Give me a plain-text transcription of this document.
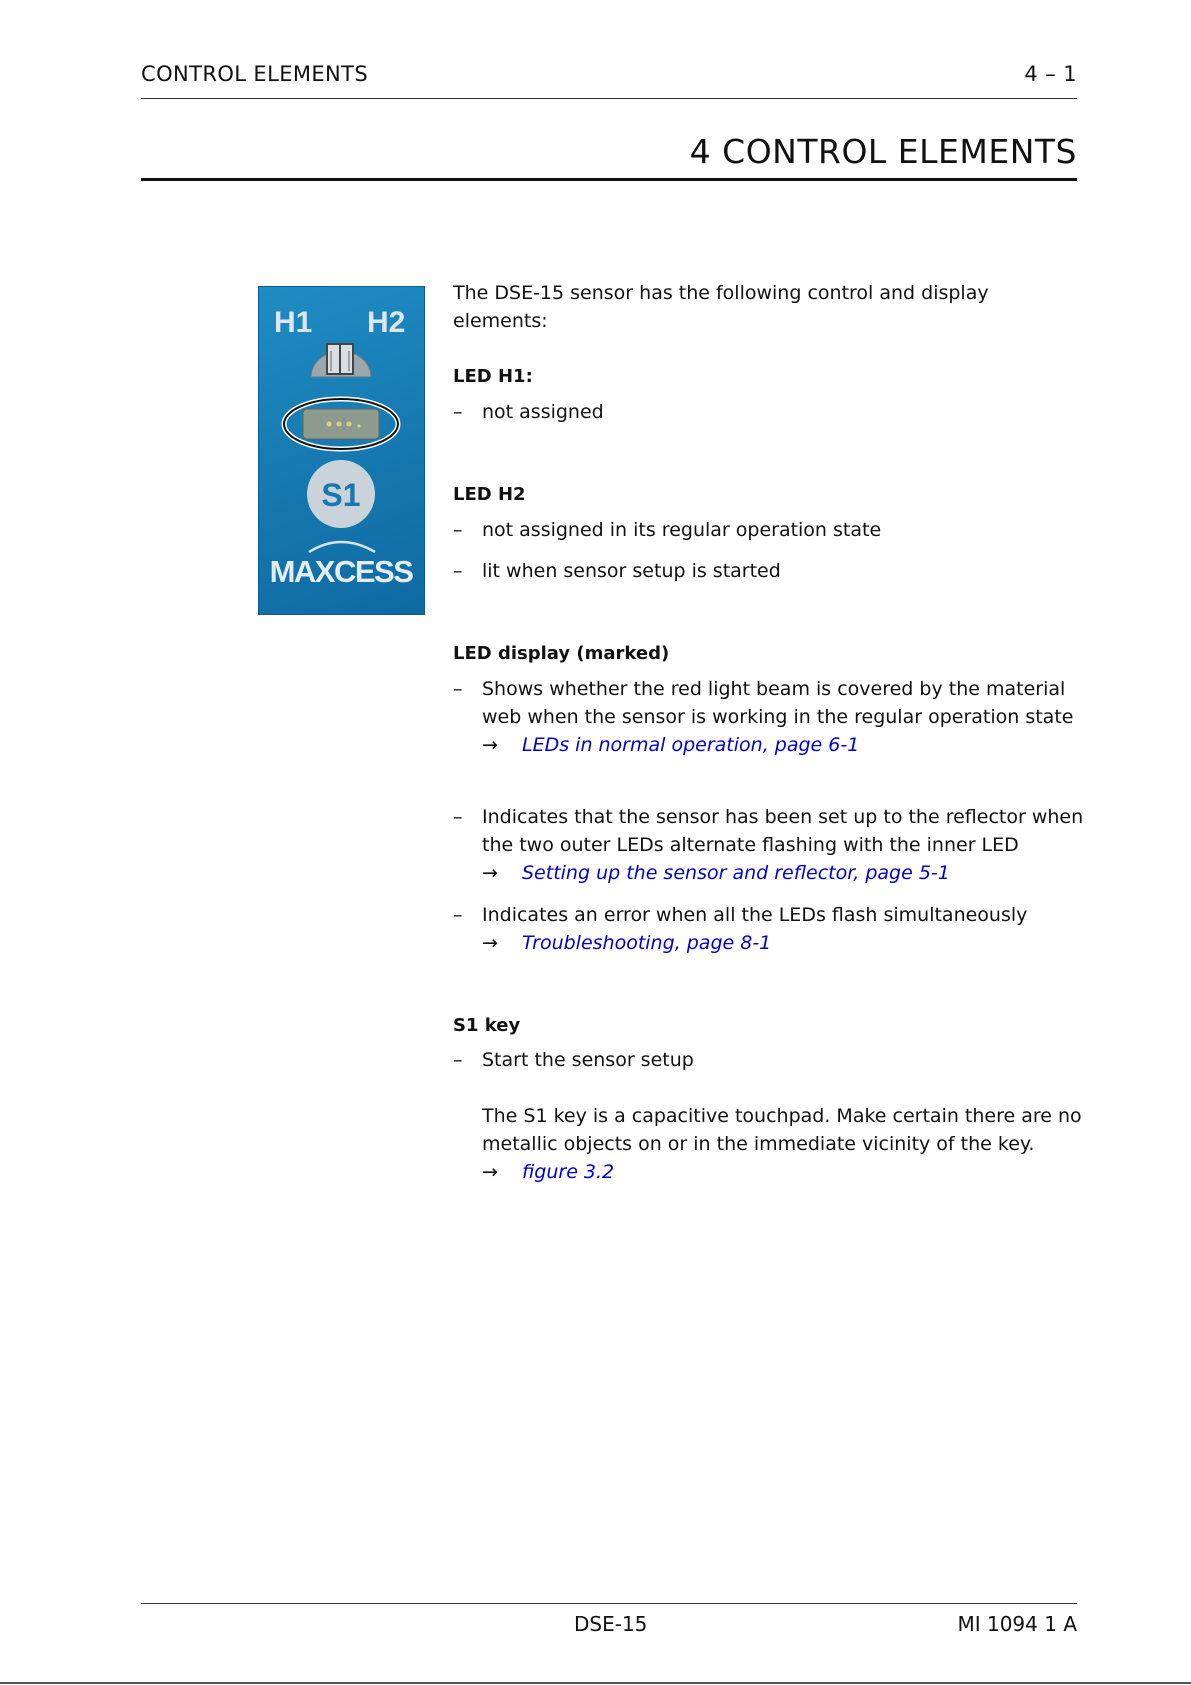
CONTROL ELEMENTS	4 – 1
4 CONTROL ELEMENTS
H1 H2
S1
MAXCESS
The DSE-15 sensor has the following control and display elements:
LED H1:
– not assigned
LED H2
– not assigned in its regular operation state
– lit when sensor setup is started
LED display (marked)
– Shows whether the red light beam is covered by the material web when the sensor is working in the regular operation state
→ LEDs in normal operation, page 6-1
– Indicates that the sensor has been set up to the reflector when the two outer LEDs alternate flashing with the inner LED
→ Setting up the sensor and reflector, page 5-1
– Indicates an error when all the LEDs flash simultaneously
→ Troubleshooting, page 8-1
S1 key
– Start the sensor setup
The S1 key is a capacitive touchpad. Make certain there are no metallic objects on or in the immediate vicinity of the key.
→ figure 3.2
DSE-15	MI 1094 1 A
